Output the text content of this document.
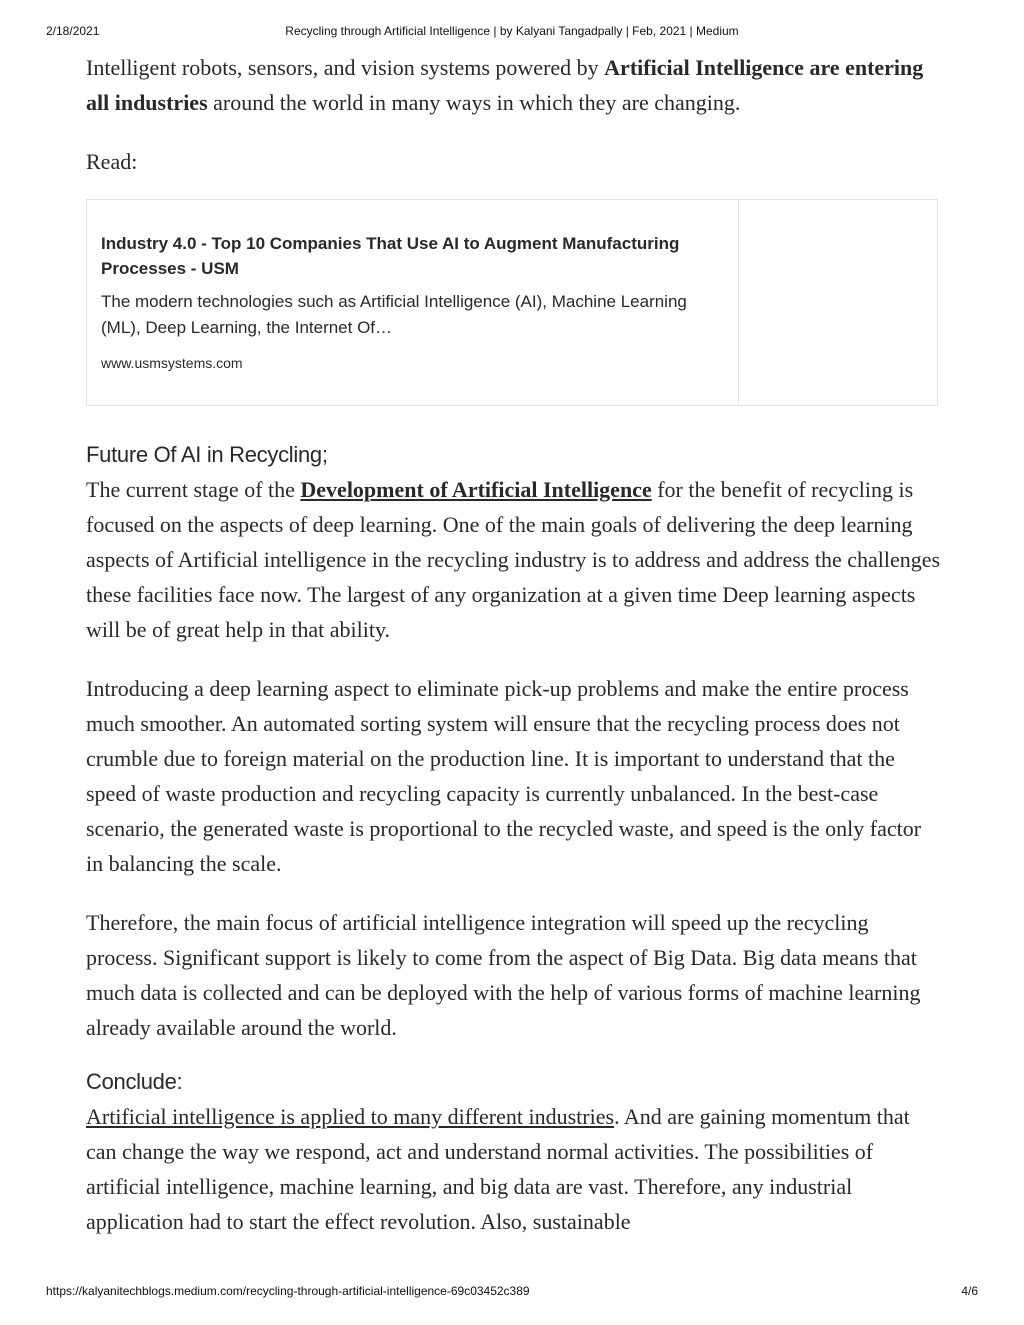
2/18/2021	Recycling through Artificial Intelligence | by Kalyani Tangadpally | Feb, 2021 | Medium

Intelligent robots, sensors, and vision systems powered by Artificial Intelligence are entering all industries around the world in many ways in which they are changing.

Read:

Industry 4.0 - Top 10 Companies That Use AI to Augment Manufacturing Processes - USM

The modern technologies such as Artificial Intelligence (AI), Machine Learning (ML), Deep Learning, the Internet Of…

www.usmsystems.com
Future Of AI in Recycling;

The current stage of the Development of Artificial Intelligence for the benefit of recycling is focused on the aspects of deep learning. One of the main goals of delivering the deep learning aspects of Artificial intelligence in the recycling industry is to address and address the challenges these facilities face now. The largest of any organization at a given time Deep learning aspects will be of great help in that ability.

Introducing a deep learning aspect to eliminate pick-up problems and make the entire process much smoother. An automated sorting system will ensure that the recycling process does not crumble due to foreign material on the production line. It is important to understand that the speed of waste production and recycling capacity is currently unbalanced. In the best-case scenario, the generated waste is proportional to the recycled waste, and speed is the only factor in balancing the scale.

Therefore, the main focus of artificial intelligence integration will speed up the recycling process. Significant support is likely to come from the aspect of Big Data. Big data means that much data is collected and can be deployed with the help of various forms of machine learning already available around the world.

Conclude:

Artificial intelligence is applied to many different industries. And are gaining momentum that can change the way we respond, act and understand normal activities. The possibilities of artificial intelligence, machine learning, and big data are vast. Therefore, any industrial application had to start the effect revolution. Also, sustainable

https://kalyanitechblogs.medium.com/recycling-through-artificial-intelligence-69c03452c389	4/6
